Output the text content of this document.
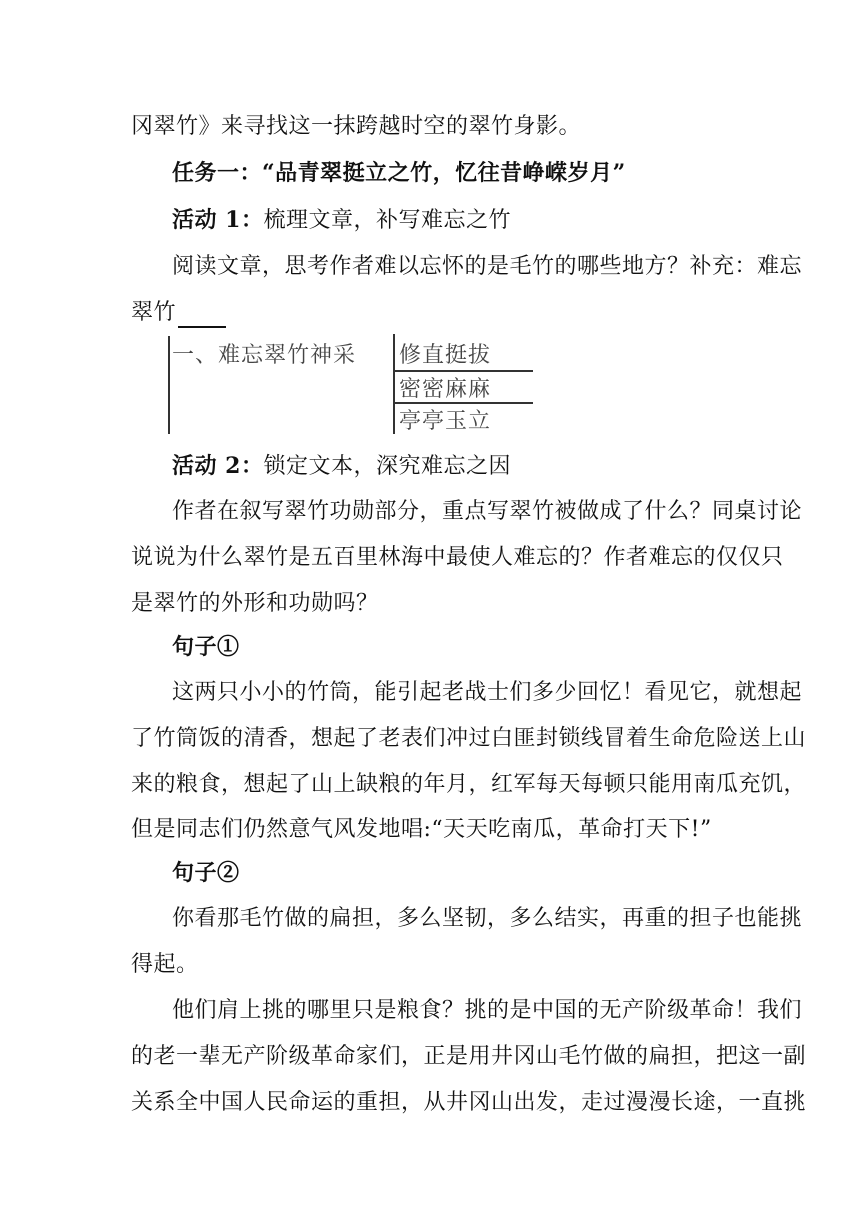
冈翠竹》来寻找这一抹跨越时空的翠竹身影。
任务一：“品青翠挺立之竹，忆往昔峥嵘岁月”
活动 1：梳理文章，补写难忘之竹
阅读文章，思考作者难以忘怀的是毛竹的哪些地方？补充：难忘
翠竹
一、难忘翠竹神采 修直挺拔
密密麻麻
亭亭玉立
活动 2：锁定文本，深究难忘之因
作者在叙写翠竹功勋部分，重点写翠竹被做成了什么？同桌讨论
说说为什么翠竹是五百里林海中最使人难忘的？作者难忘的仅仅只
是翠竹的外形和功勋吗？
句子①
这两只小小的竹筒，能引起老战士们多少回忆！看见它，就想起
了竹筒饭的清香，想起了老表们冲过白匪封锁线冒着生命危险送上山
来的粮食，想起了山上缺粮的年月，红军每天每顿只能用南瓜充饥，
但是同志们仍然意气风发地唱:“天天吃南瓜，革命打天下!”
句子②
你看那毛竹做的扁担，多么坚韧，多么结实，再重的担子也能挑
得起。
他们肩上挑的哪里只是粮食？挑的是中国的无产阶级革命！我们
的老一辈无产阶级革命家们，正是用井冈山毛竹做的扁担，把这一副
关系全中国人民命运的重担，从井冈山出发，走过漫漫长途，一直挑
